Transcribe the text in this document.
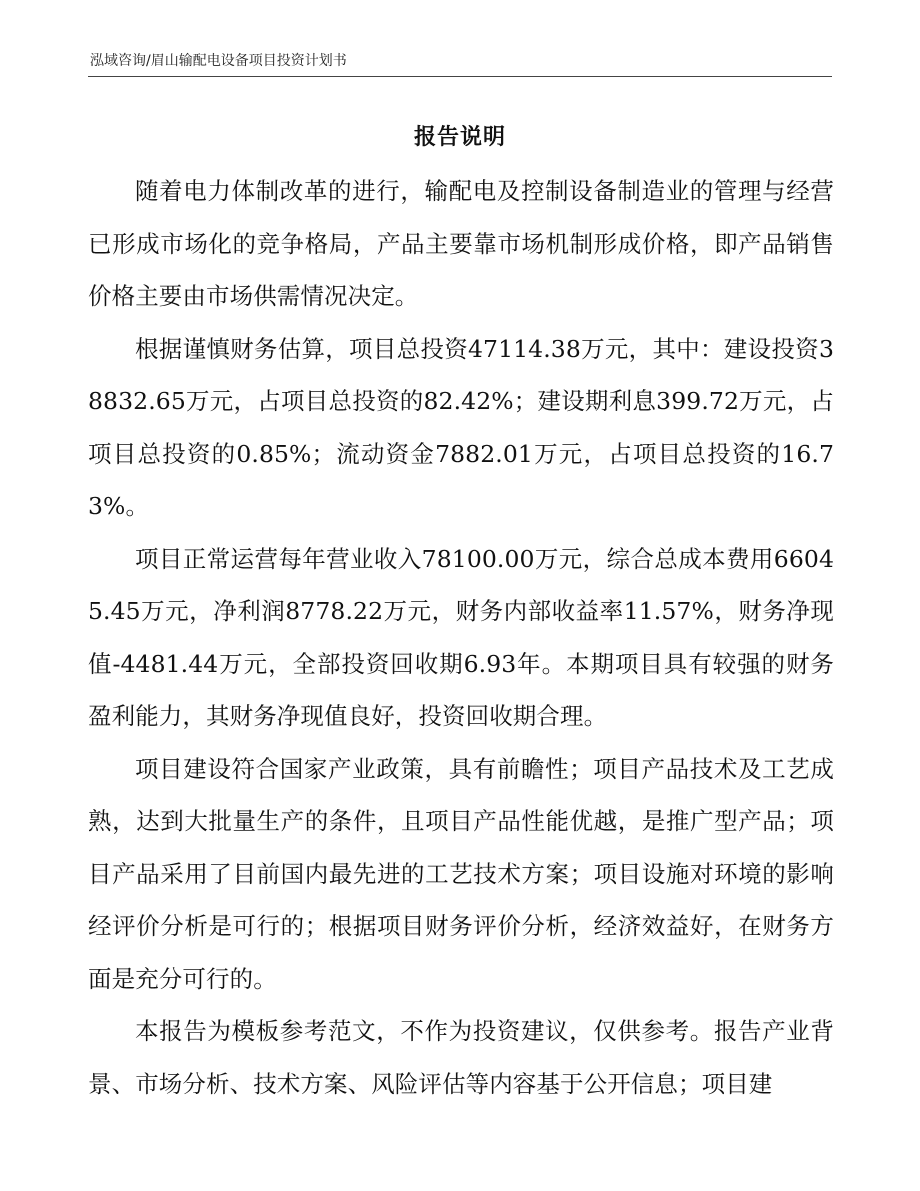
泓域咨询/眉山输配电设备项目投资计划书
报告说明

随着电力体制改革的进行，输配电及控制设备制造业的管理与经营已形成市场化的竞争格局，产品主要靠市场机制形成价格，即产品销售价格主要由市场供需情况决定。

根据谨慎财务估算，项目总投资47114.38万元，其中：建设投资38832.65万元，占项目总投资的82.42%；建设期利息399.72万元，占项目总投资的0.85%；流动资金7882.01万元，占项目总投资的16.73%。

项目正常运营每年营业收入78100.00万元，综合总成本费用66045.45万元，净利润8778.22万元，财务内部收益率11.57%，财务净现值-4481.44万元，全部投资回收期6.93年。本期项目具有较强的财务盈利能力，其财务净现值良好，投资回收期合理。

项目建设符合国家产业政策，具有前瞻性；项目产品技术及工艺成熟，达到大批量生产的条件，且项目产品性能优越，是推广型产品；项目产品采用了目前国内最先进的工艺技术方案；项目设施对环境的影响经评价分析是可行的；根据项目财务评价分析，经济效益好，在财务方面是充分可行的。

本报告为模板参考范文，不作为投资建议，仅供参考。报告产业背景、市场分析、技术方案、风险评估等内容基于公开信息；项目建
